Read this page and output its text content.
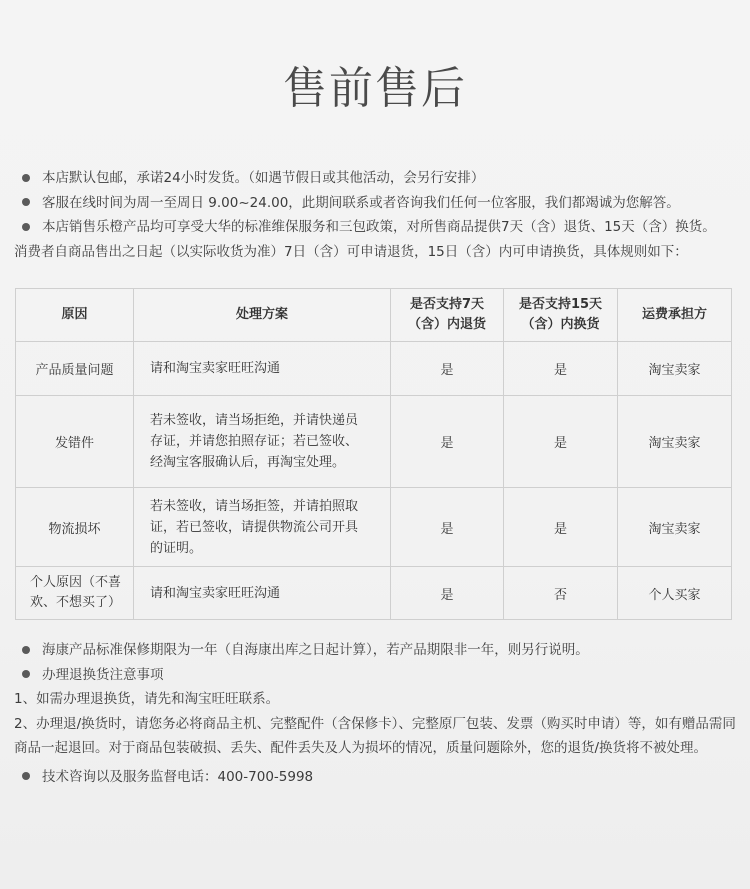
售前售后
本店默认包邮，承诺24小时发货。（如遇节假日或其他活动，会另行安排）
客服在线时间为周一至周日 9.00~24.00，此期间联系或者咨询我们任何一位客服，我们都竭诚为您解答。
本店销售乐橙产品均可享受大华的标准维保服务和三包政策，对所售商品提供7天（含）退货、15天（含）换货。
消费者自商品售出之日起（以实际收货为准）7日（含）可申请退货，15日（含）内可申请换货，具体规则如下：
原因	处理方案	是否支持7天（含）内退货	是否支持15天（含）内换货	运费承担方
产品质量问题	请和淘宝卖家旺旺沟通	是	是	淘宝卖家
发错件	若未签收，请当场拒绝，并请快递员存证，并请您拍照存证；若已签收、经淘宝客服确认后，再淘宝处理。	是	是	淘宝卖家
物流损坏	若未签收，请当场拒签，并请拍照取证，若已签收，请提供物流公司开具的证明。	是	是	淘宝卖家
个人原因（不喜欢、不想买了）	请和淘宝卖家旺旺沟通	是	否	个人买家
海康产品标准保修期限为一年（自海康出库之日起计算），若产品期限非一年，则另行说明。
办理退换货注意事项
1、如需办理退换货，请先和淘宝旺旺联系。
2、办理退/换货时，请您务必将商品主机、完整配件（含保修卡）、完整原厂包装、发票（购买时申请）等，如有赠品需同商品一起退回。对于商品包装破损、丢失、配件丢失及人为损坏的情况，质量问题除外，您的退货/换货将不被处理。
技术咨询以及服务监督电话：400-700-5998
